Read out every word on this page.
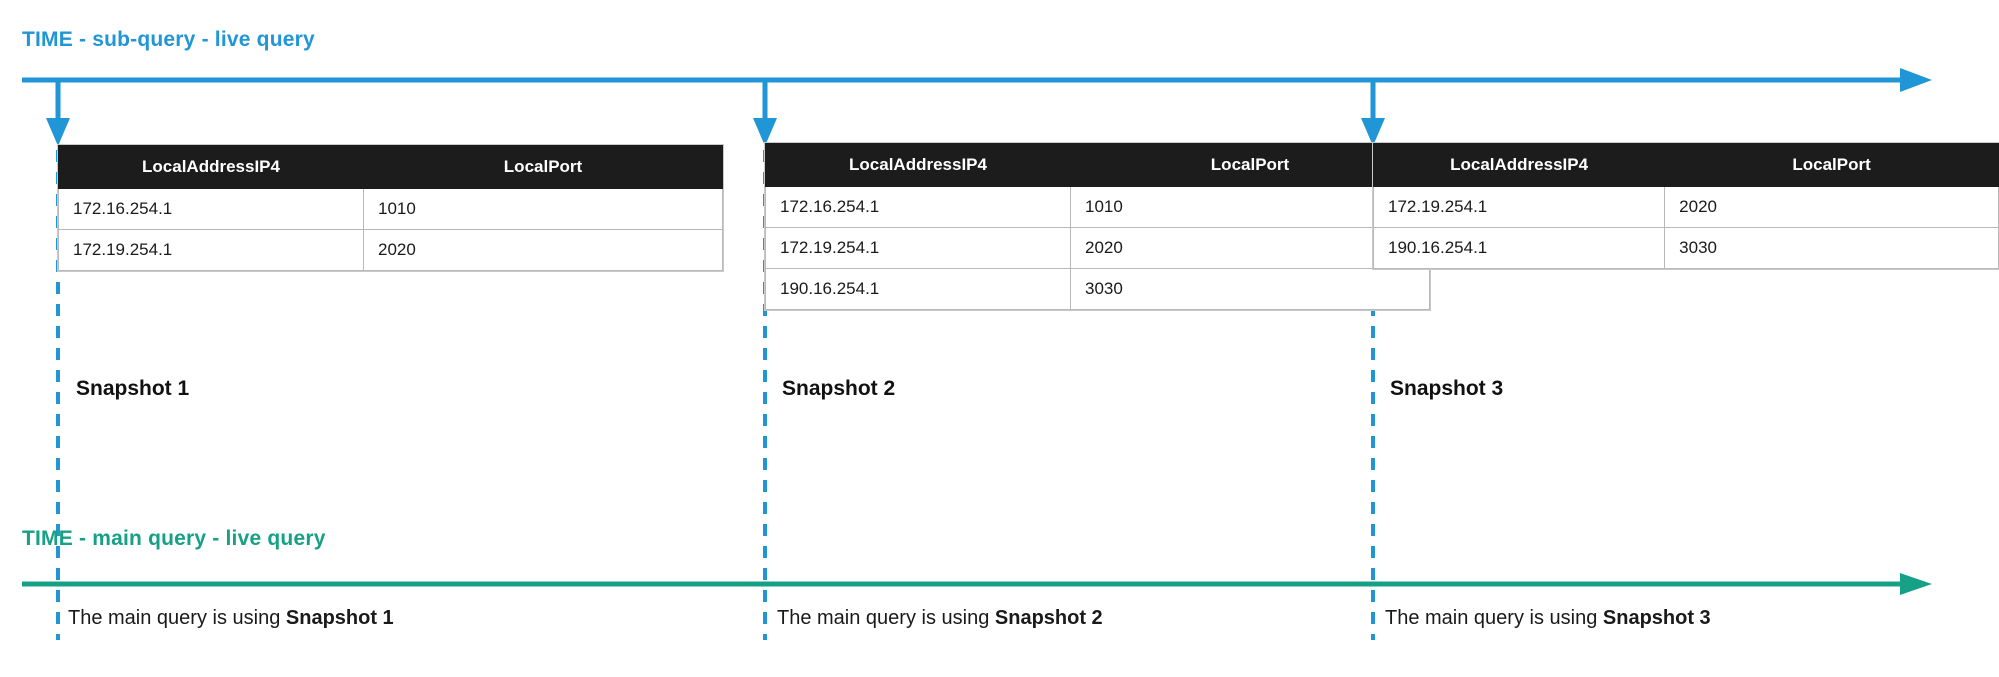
TIME - sub-query - live query
TIME - main query - live query
LocalAddressIP4	LocalPort
172.16.254.1	1010
172.19.254.1	2020
Snapshot 1
The main query is using Snapshot 1
LocalAddressIP4	LocalPort
172.16.254.1	1010
172.19.254.1	2020
190.16.254.1	3030
Snapshot 2
The main query is using Snapshot 2
LocalAddressIP4	LocalPort
172.19.254.1	2020
190.16.254.1	3030
Snapshot 3
The main query is using Snapshot 3
